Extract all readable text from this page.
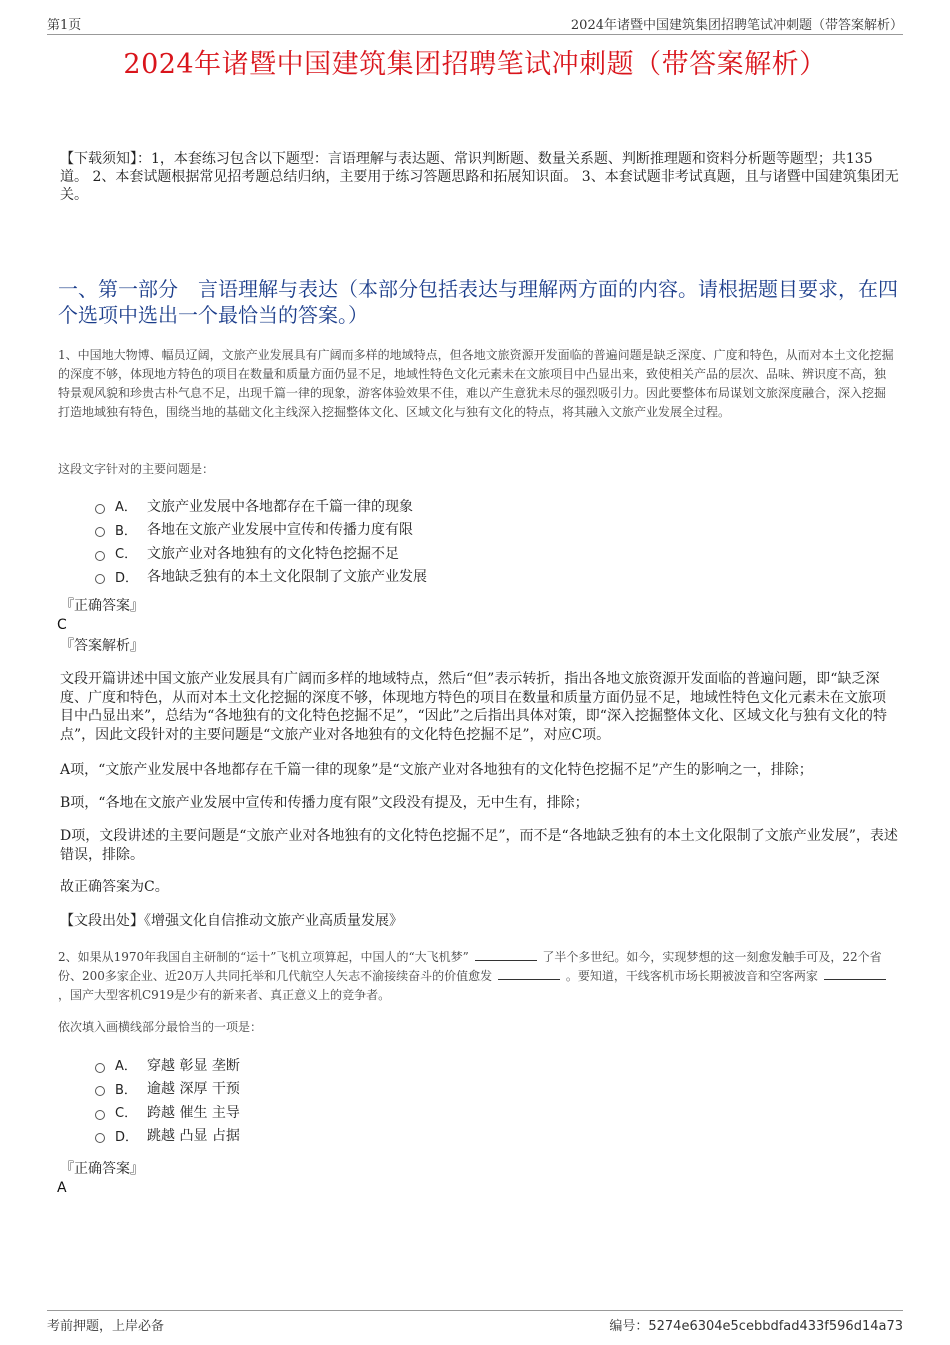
第1页	2024年诸暨中国建筑集团招聘笔试冲刺题（带答案解析）
2024年诸暨中国建筑集团招聘笔试冲刺题（带答案解析）
【下载须知】：1，本套练习包含以下题型：言语理解与表达题、常识判断题、数量关系题、判断推理题和资料分析题等题型；共135道。 2、本套试题根据常见招考题总结归纳，主要用于练习答题思路和拓展知识面。 3、本套试题非考试真题，且与诸暨中国建筑集团无关。
一、第一部分　言语理解与表达（本部分包括表达与理解两方面的内容。请根据题目要求，在四个选项中选出一个最恰当的答案。）
1、中国地大物博、幅员辽阔，文旅产业发展具有广阔而多样的地域特点，但各地文旅资源开发面临的普遍问题是缺乏深度、广度和特色，从而对本土文化挖掘的深度不够，体现地方特色的项目在数量和质量方面仍显不足，地域性特色文化元素未在文旅项目中凸显出来，致使相关产品的层次、品味、辨识度不高，独特景观风貌和珍贵古朴气息不足，出现千篇一律的现象，游客体验效果不佳，难以产生意犹未尽的强烈吸引力。因此要整体布局谋划文旅深度融合，深入挖掘打造地域独有特色，围绕当地的基础文化主线深入挖掘整体文化、区域文化与独有文化的特点，将其融入文旅产业发展全过程。
这段文字针对的主要问题是：
A． 文旅产业发展中各地都存在千篇一律的现象
B． 各地在文旅产业发展中宣传和传播力度有限
C． 文旅产业对各地独有的文化特色挖掘不足
D． 各地缺乏独有的本土文化限制了文旅产业发展
『正确答案』
C
『答案解析』
文段开篇讲述中国文旅产业发展具有广阔而多样的地域特点，然后“但”表示转折，指出各地文旅资源开发面临的普遍问题，即“缺乏深度、广度和特色，从而对本土文化挖掘的深度不够，体现地方特色的项目在数量和质量方面仍显不足，地域性特色文化元素未在文旅项目中凸显出来”，总结为“各地独有的文化特色挖掘不足”，“因此”之后指出具体对策，即“深入挖掘整体文化、区域文化与独有文化的特点”，因此文段针对的主要问题是“文旅产业对各地独有的文化特色挖掘不足”，对应C项。
A项，“文旅产业发展中各地都存在千篇一律的现象”是“文旅产业对各地独有的文化特色挖掘不足”产生的影响之一，排除；
B项，“各地在文旅产业发展中宣传和传播力度有限”文段没有提及，无中生有，排除；
D项，文段讲述的主要问题是“文旅产业对各地独有的文化特色挖掘不足”，而不是“各地缺乏独有的本土文化限制了文旅产业发展”，表述错误，排除。
故正确答案为C。
【文段出处】《增强文化自信推动文旅产业高质量发展》
2、如果从1970年我国自主研制的“运十”飞机立项算起，中国人的“大飞机梦”	了半个多世纪。如今，实现梦想的这一刻愈发触手可及，22个省份、200多家企业、近20万人共同托举和几代航空人矢志不渝接续奋斗的价值愈发	。要知道，干线客机市场长期被波音和空客两家  ，国产大型客机C919是少有的新来者、真正意义上的竞争者。
依次填入画横线部分最恰当的一项是：
A． 穿越 彰显 垄断
B． 逾越 深厚 干预
C． 跨越 催生 主导
D． 跳越 凸显 占据
『正确答案』
A
考前押题，上岸必备	编号：5274e6304e5cebbdfad433f596d14a73
